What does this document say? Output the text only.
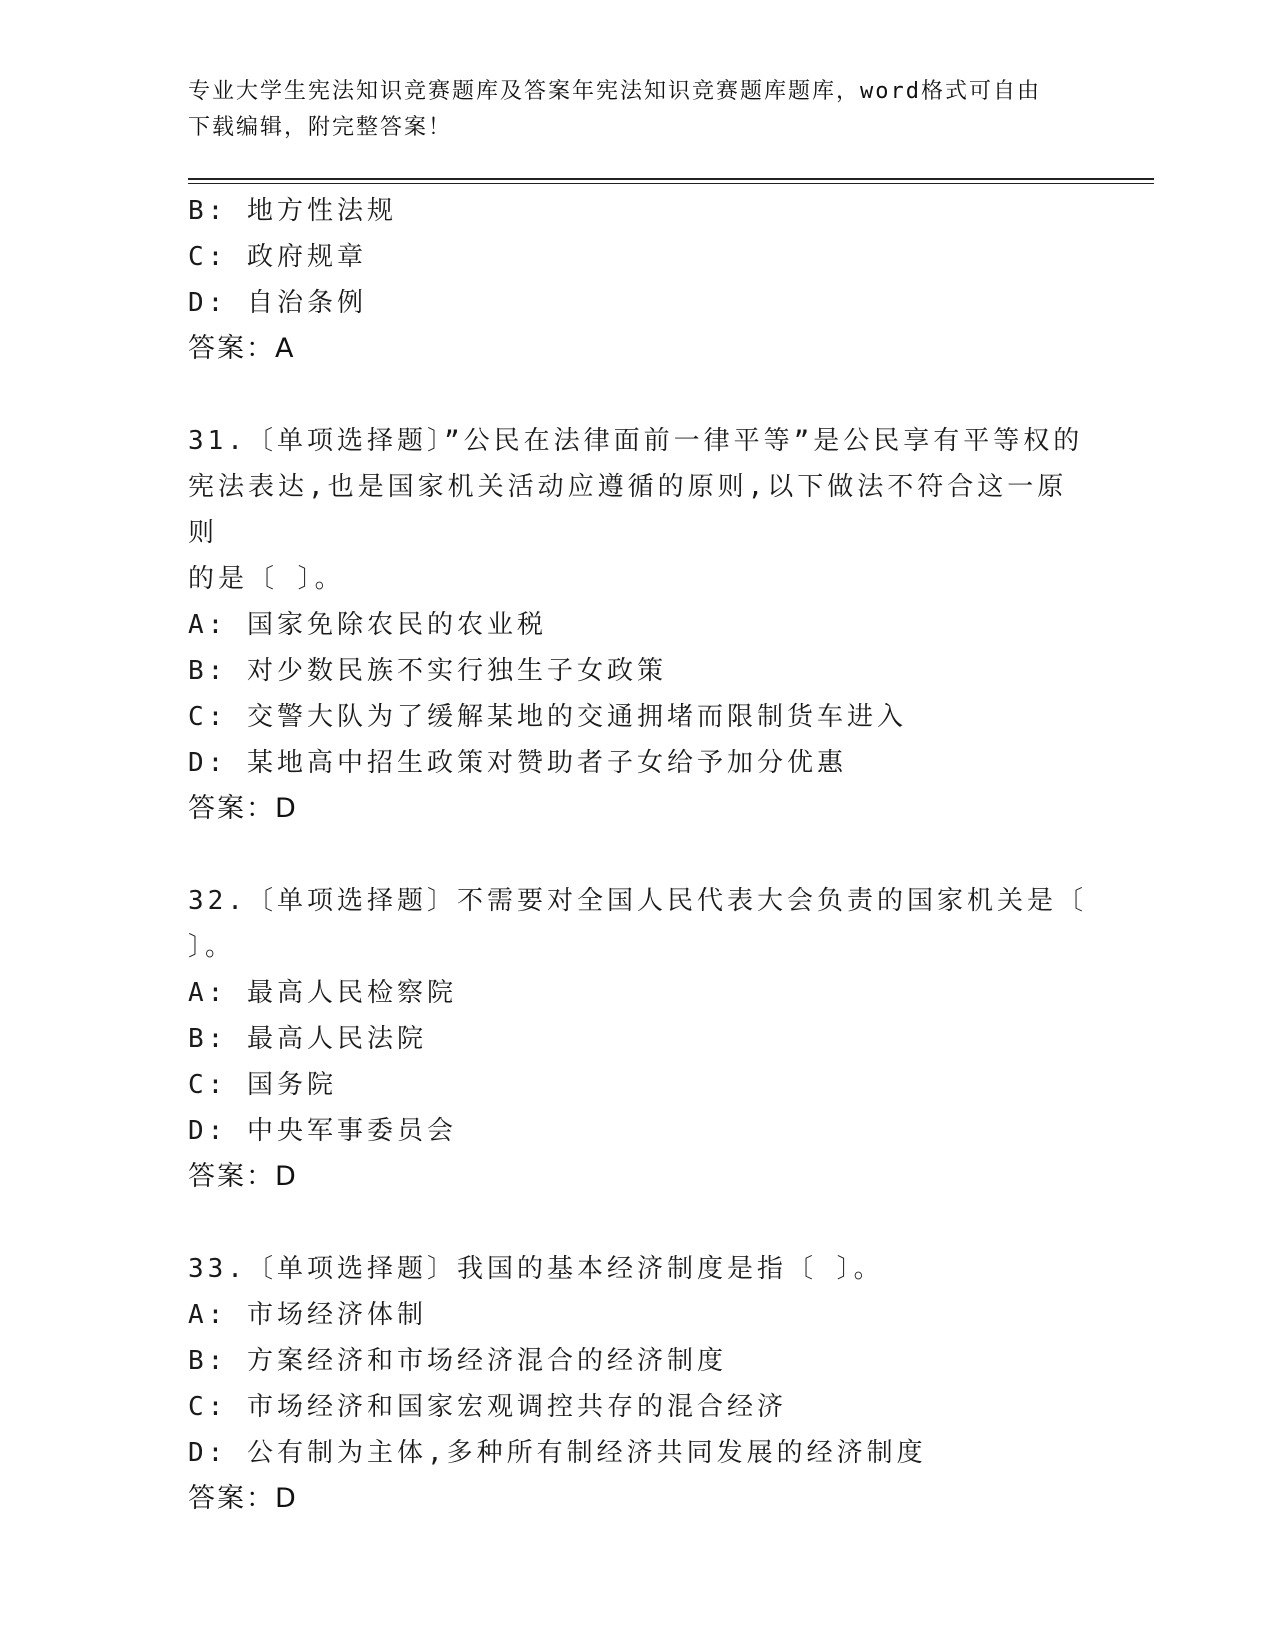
专业大学生宪法知识竞赛题库及答案年宪法知识竞赛题库题库，word格式可自由
下载编辑，附完整答案！
B: 地方性法规
C: 政府规章
D: 自治条例
答案：A
31.〔单项选择题〕”公民在法律面前一律平等”是公民享有平等权的
宪法表达,也是国家机关活动应遵循的原则,以下做法不符合这一原则
的是〔 〕。
A: 国家免除农民的农业税
B: 对少数民族不实行独生子女政策
C: 交警大队为了缓解某地的交通拥堵而限制货车进入
D: 某地高中招生政策对赞助者子女给予加分优惠
答案：D
32.〔单项选择题〕不需要对全国人民代表大会负责的国家机关是〔
〕。
A: 最高人民检察院
B: 最高人民法院
C: 国务院
D: 中央军事委员会
答案：D
33.〔单项选择题〕我国的基本经济制度是指〔 〕。
A: 市场经济体制
B: 方案经济和市场经济混合的经济制度
C: 市场经济和国家宏观调控共存的混合经济
D: 公有制为主体,多种所有制经济共同发展的经济制度
答案：D
